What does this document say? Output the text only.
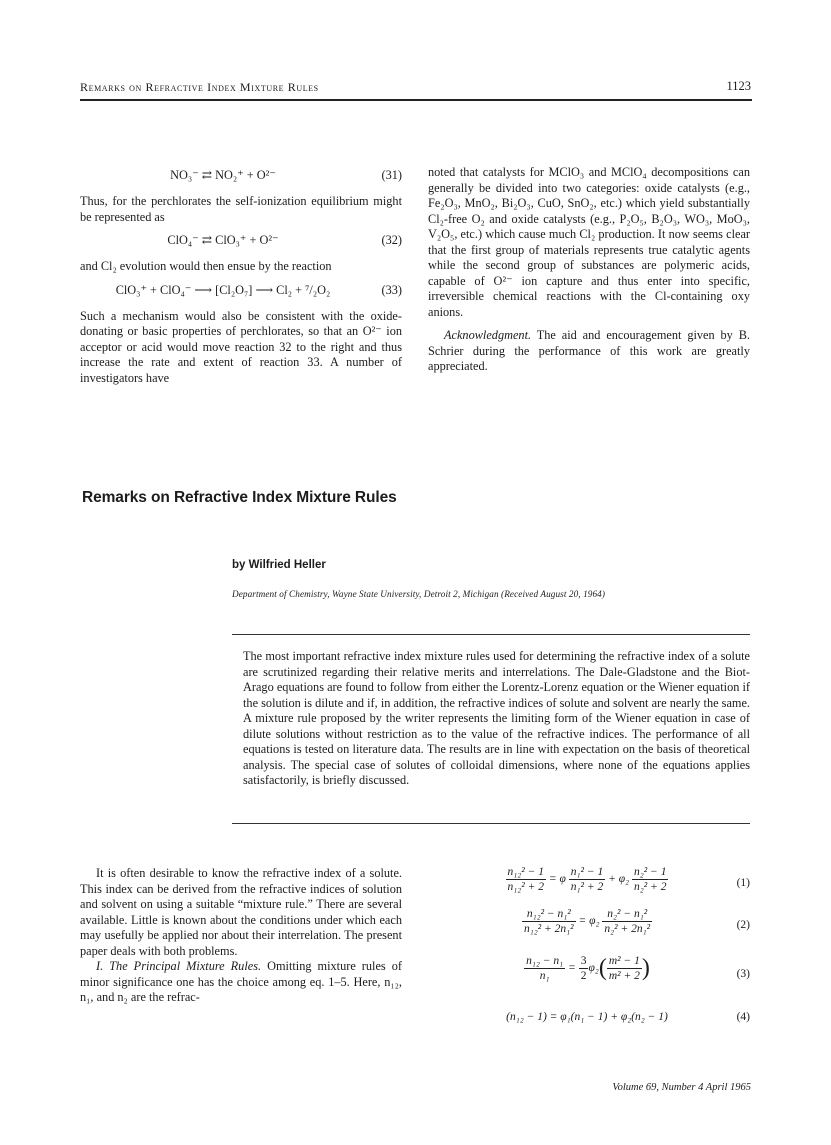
Remarks on Refractive Index Mixture Rules	1123
NO₃⁻ ⇄ NO₂⁺ + O²⁻	(31)

Thus, for the perchlorates the self-ionization equilibrium might be represented as

ClO₄⁻ ⇄ ClO₃⁺ + O²⁻	(32)

and Cl₂ evolution would then ensue by the reaction

ClO₃⁺ + ClO₄⁻ ⟶ [Cl₂O₇] ⟶ Cl₂ + ⁷/₂O₂	(33)

Such a mechanism would also be consistent with the oxide-donating or basic properties of perchlorates, so that an O²⁻ ion acceptor or acid would move reaction 32 to the right and thus increase the rate and extent of reaction 33. A number of investigators have

noted that catalysts for MClO₃ and MClO₄ decompositions can generally be divided into two categories: oxide catalysts (e.g., Fe₂O₃, MnO₂, Bi₂O₃, CuO, SnO₂, etc.) which yield substantially Cl₂-free O₂ and oxide catalysts (e.g., P₂O₅, B₂O₃, WO₃, MoO₃, V₂O₅, etc.) which cause much Cl₂ production. It now seems clear that the first group of materials represents true catalytic agents while the second group of substances are polymeric acids, capable of O²⁻ ion capture and thus enter into specific, irreversible chemical reactions with the Cl-containing oxy anions.

Acknowledgment. The aid and encouragement given by B. Schrier during the performance of this work are greatly appreciated.

Remarks on Refractive Index Mixture Rules
by Wilfried Heller
Department of Chemistry, Wayne State University, Detroit 2, Michigan (Received August 20, 1964)
The most important refractive index mixture rules used for determining the refractive index of a solute are scrutinized regarding their relative merits and interrelations. The Dale-Gladstone and the Biot-Arago equations are found to follow from either the Lorentz-Lorenz equation or the Wiener equation if the solution is dilute and if, in addition, the refractive indices of solute and solvent are nearly the same. A mixture rule proposed by the writer represents the limiting form of the Wiener equation in case of dilute solutions without restriction as to the value of the refractive indices. The performance of all equations is tested on literature data. The results are in line with expectation on the basis of theoretical analysis. The special case of solutes of colloidal dimensions, where none of the equations applies satisfactorily, is briefly discussed.

It is often desirable to know the refractive index of a solute. This index can be derived from the refractive indices of solution and solvent on using a suitable “mixture rule.” There are several available. Little is known about the conditions under which each may usefully be applied nor about their interrelation. The present paper deals with both problems.

I. The Principal Mixture Rules. Omitting mixture rules of minor significance one has the choice among eq. 1–5. Here, n₁₂, n₁, and n₂ are the refrac-

$\frac{\text{n₁₂² − 1}}{\text{n₁₂² + 2}} = \varphi \frac{\text{n₁² − 1}}{\text{n₁² + 2}} + \varphi_2 \frac{\text{n₂² − 1}}{\text{n₂² + 2}}$	(1)
$\frac{\text{n₁₂² − n₁²}}{\text{n₁₂² + 2n₁²}} = \varphi_2 \frac{\text{n₂² − n₁²}}{\text{n₂² + 2n₁²}}$	(2)
$\frac{\text{n₁₂ − n₁}}{\text{n₁}} = \frac{3}{2} \varphi_2( \frac{\text{m² − 1}}{\text{m² + 2}}$ )	(3)
(n₁₂ − 1) = φ₁(n₁ − 1) + φ₂(n₂ − 1)	(4)
Volume 69, Number 4 April 1965
